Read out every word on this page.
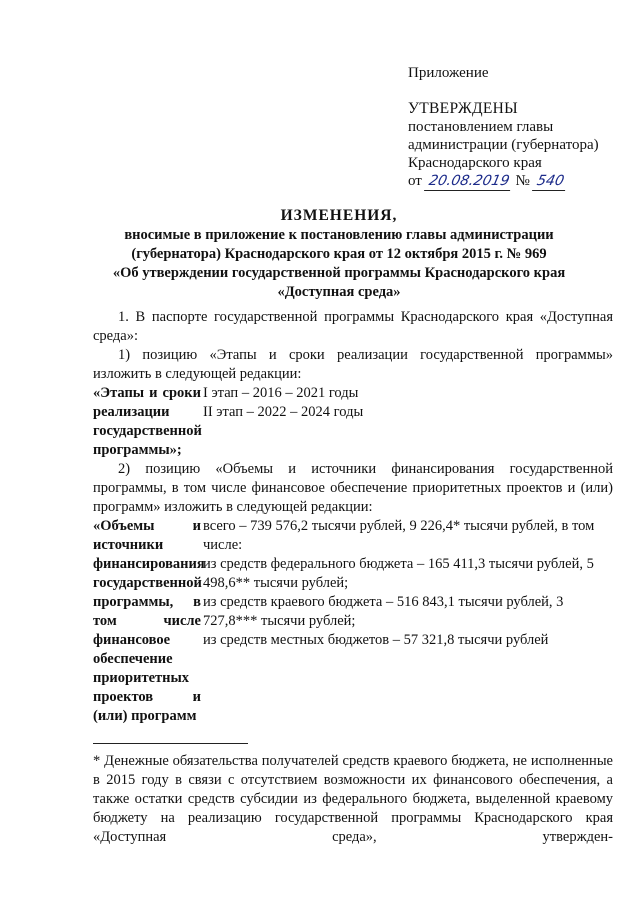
Приложение
УТВЕРЖДЕНЫ
постановлением главы
администрации (губернатора)
Краснодарского края
от 20.08.2019 № 540
ИЗМЕНЕНИЯ,
вносимые в приложение к постановлению главы администрации
(губернатора) Краснодарского края от 12 октября 2015 г. № 969
«Об утверждении государственной программы Краснодарского края
«Доступная среда»

1. В паспорте государственной программы Краснодарского края «Доступная среда»:

1) позицию «Этапы и сроки реализации государственной программы» изложить в следующей редакции:

«Этапы и сроки реализации государственной программы»;
I этап – 2016 – 2021 годы
II этап – 2022 – 2024 годы

2) позицию «Объемы и источники финансирования государственной программы, в том числе финансовое обеспечение приоритетных проектов и (или) программ» изложить в следующей редакции:

«Объемы и источники финансирования государственной программы, в том числе финансовое обеспечение приоритетных проектов и (или) программ
всего – 739 576,2 тысячи рублей, 9 226,4* тысячи рублей, в том числе:
из средств федерального бюджета – 165 411,3 тысячи рублей, 5 498,6** тысячи рублей;
из средств краевого бюджета – 516 843,1 тысячи рублей, 3 727,8*** тысячи рублей;
из средств местных бюджетов – 57 321,8 тысячи рублей

* Денежные обязательства получателей средств краевого бюджета, не исполненные в 2015 году в связи с отсутствием возможности их финансового обеспечения, а также остатки средств субсидии из федерального бюджета, выделенной краевому бюджету на реализацию государственной программы Краснодарского края «Доступная среда», утвержден-
